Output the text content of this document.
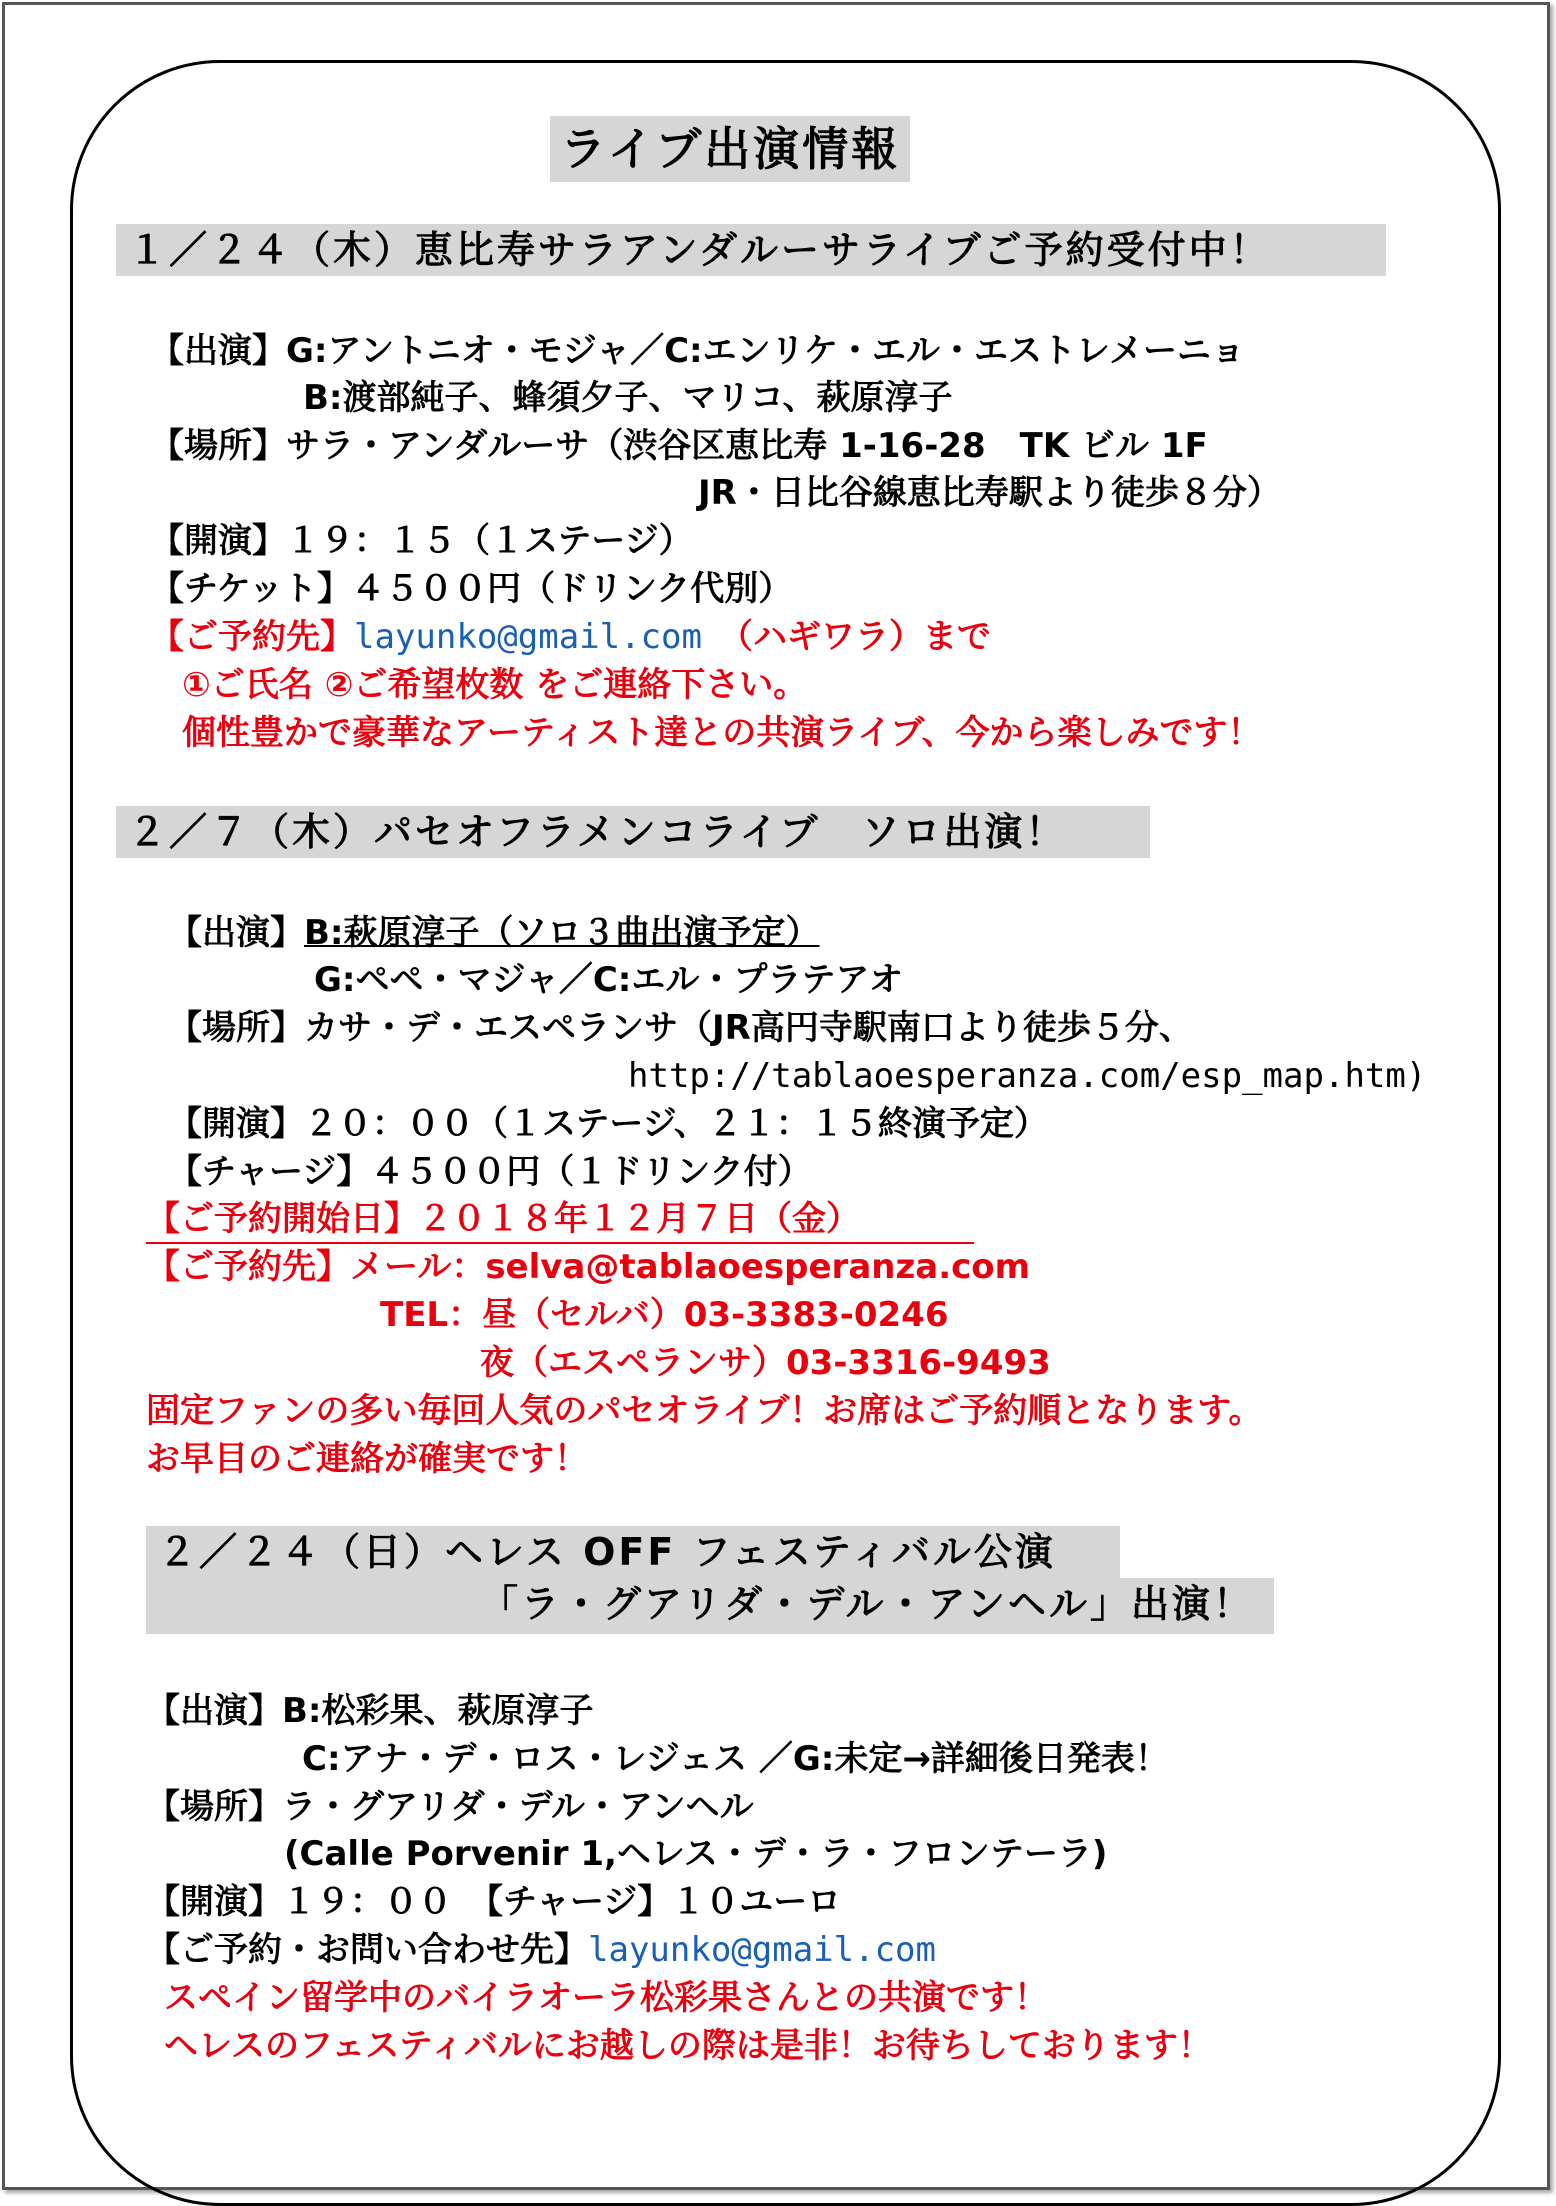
ライブ出演情報
１／２４（木）恵比寿サラアンダルーサライブご予約受付中！
【出演】G:アントニオ・モジャ／C:エンリケ・エル・エストレメーニョ
B:渡部純子、蜂須夕子、マリコ、萩原淳子
【場所】サラ・アンダルーサ（渋谷区恵比寿 1-16-28　TK ビル 1F
JR・日比谷線恵比寿駅より徒歩８分）
【開演】１９：１５（１ステージ）
【チケット】４５００円（ドリンク代別）
【ご予約先】layunko@gmail.com　（ハギワラ）まで
①ご氏名 ②ご希望枚数 をご連絡下さい。
個性豊かで豪華なアーティスト達との共演ライブ、今から楽しみです！
２／７（木）パセオフラメンコライブ　ソロ出演！
【出演】B:萩原淳子（ソロ３曲出演予定）
G:ペペ・マジャ／C:エル・プラテアオ
【場所】カサ・デ・エスペランサ（JR高円寺駅南口より徒歩５分、
http://tablaoesperanza.com/esp_map.htm)
【開演】２０：００（１ステージ、２１：１５終演予定）
【チャージ】４５００円（１ドリンク付）
【ご予約開始日】２０１８年１２月７日（金）
【ご予約先】メール：selva@tablaoesperanza.com
TEL：昼（セルバ）03-3383-0246
夜（エスペランサ）03-3316-9493
固定ファンの多い毎回人気のパセオライブ！お席はご予約順となります。
お早目のご連絡が確実です！
２／２４（日）ヘレス OFF フェスティバル公演
「ラ・グアリダ・デル・アンヘル」出演！
【出演】B:松彩果、萩原淳子
C:アナ・デ・ロス・レジェス ／G:未定→詳細後日発表！
【場所】ラ・グアリダ・デル・アンヘル
(Calle Porvenir 1,ヘレス・デ・ラ・フロンテーラ)
【開演】１９：００　【チャージ】１０ユーロ
【ご予約・お問い合わせ先】layunko@gmail.com
スペイン留学中のバイラオーラ松彩果さんとの共演です！
ヘレスのフェスティバルにお越しの際は是非！お待ちしております！
